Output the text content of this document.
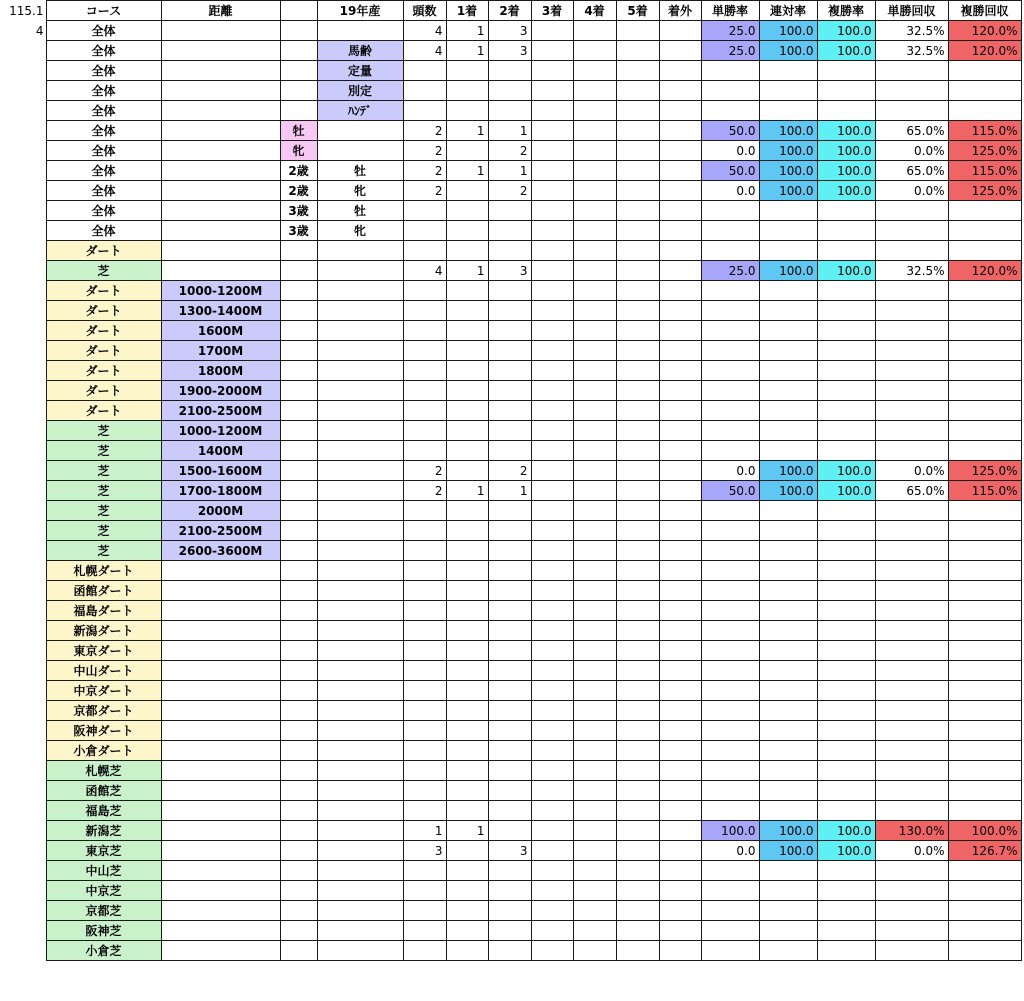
115.1	コース	距離		19年産	頭数	1着	2着	3着	4着	5着	着外	単勝率	連対率	複勝率	単勝回収	複勝回収
4	全体				4	1	3					25.0	100.0	100.0	32.5%	120.0%
	全体			馬齢	4	1	3					25.0	100.0	100.0	32.5%	120.0%
	全体			定量												
	全体			別定												
	全体			ﾊﾝﾃﾞ												
	全体		牡		2	1	1					50.0	100.0	100.0	65.0%	115.0%
	全体		牝		2		2					0.0	100.0	100.0	0.0%	125.0%
	全体		2歳	牡	2	1	1					50.0	100.0	100.0	65.0%	115.0%
	全体		2歳	牝	2		2					0.0	100.0	100.0	0.0%	125.0%
	全体		3歳	牡												
	全体		3歳	牝												
	ダート															
	芝				4	1	3					25.0	100.0	100.0	32.5%	120.0%
	ダート	1000-1200M														
	ダート	1300-1400M														
	ダート	1600M														
	ダート	1700M														
	ダート	1800M														
	ダート	1900-2000M														
	ダート	2100-2500M														
	芝	1000-1200M														
	芝	1400M														
	芝	1500-1600M			2		2					0.0	100.0	100.0	0.0%	125.0%
	芝	1700-1800M			2	1	1					50.0	100.0	100.0	65.0%	115.0%
	芝	2000M														
	芝	2100-2500M														
	芝	2600-3600M														
	札幌ダート															
	函館ダート															
	福島ダート															
	新潟ダート															
	東京ダート															
	中山ダート															
	中京ダート															
	京都ダート															
	阪神ダート															
	小倉ダート															
	札幌芝															
	函館芝															
	福島芝															
	新潟芝				1	1						100.0	100.0	100.0	130.0%	100.0%
	東京芝				3		3					0.0	100.0	100.0	0.0%	126.7%
	中山芝															
	中京芝															
	京都芝															
	阪神芝															
	小倉芝															
